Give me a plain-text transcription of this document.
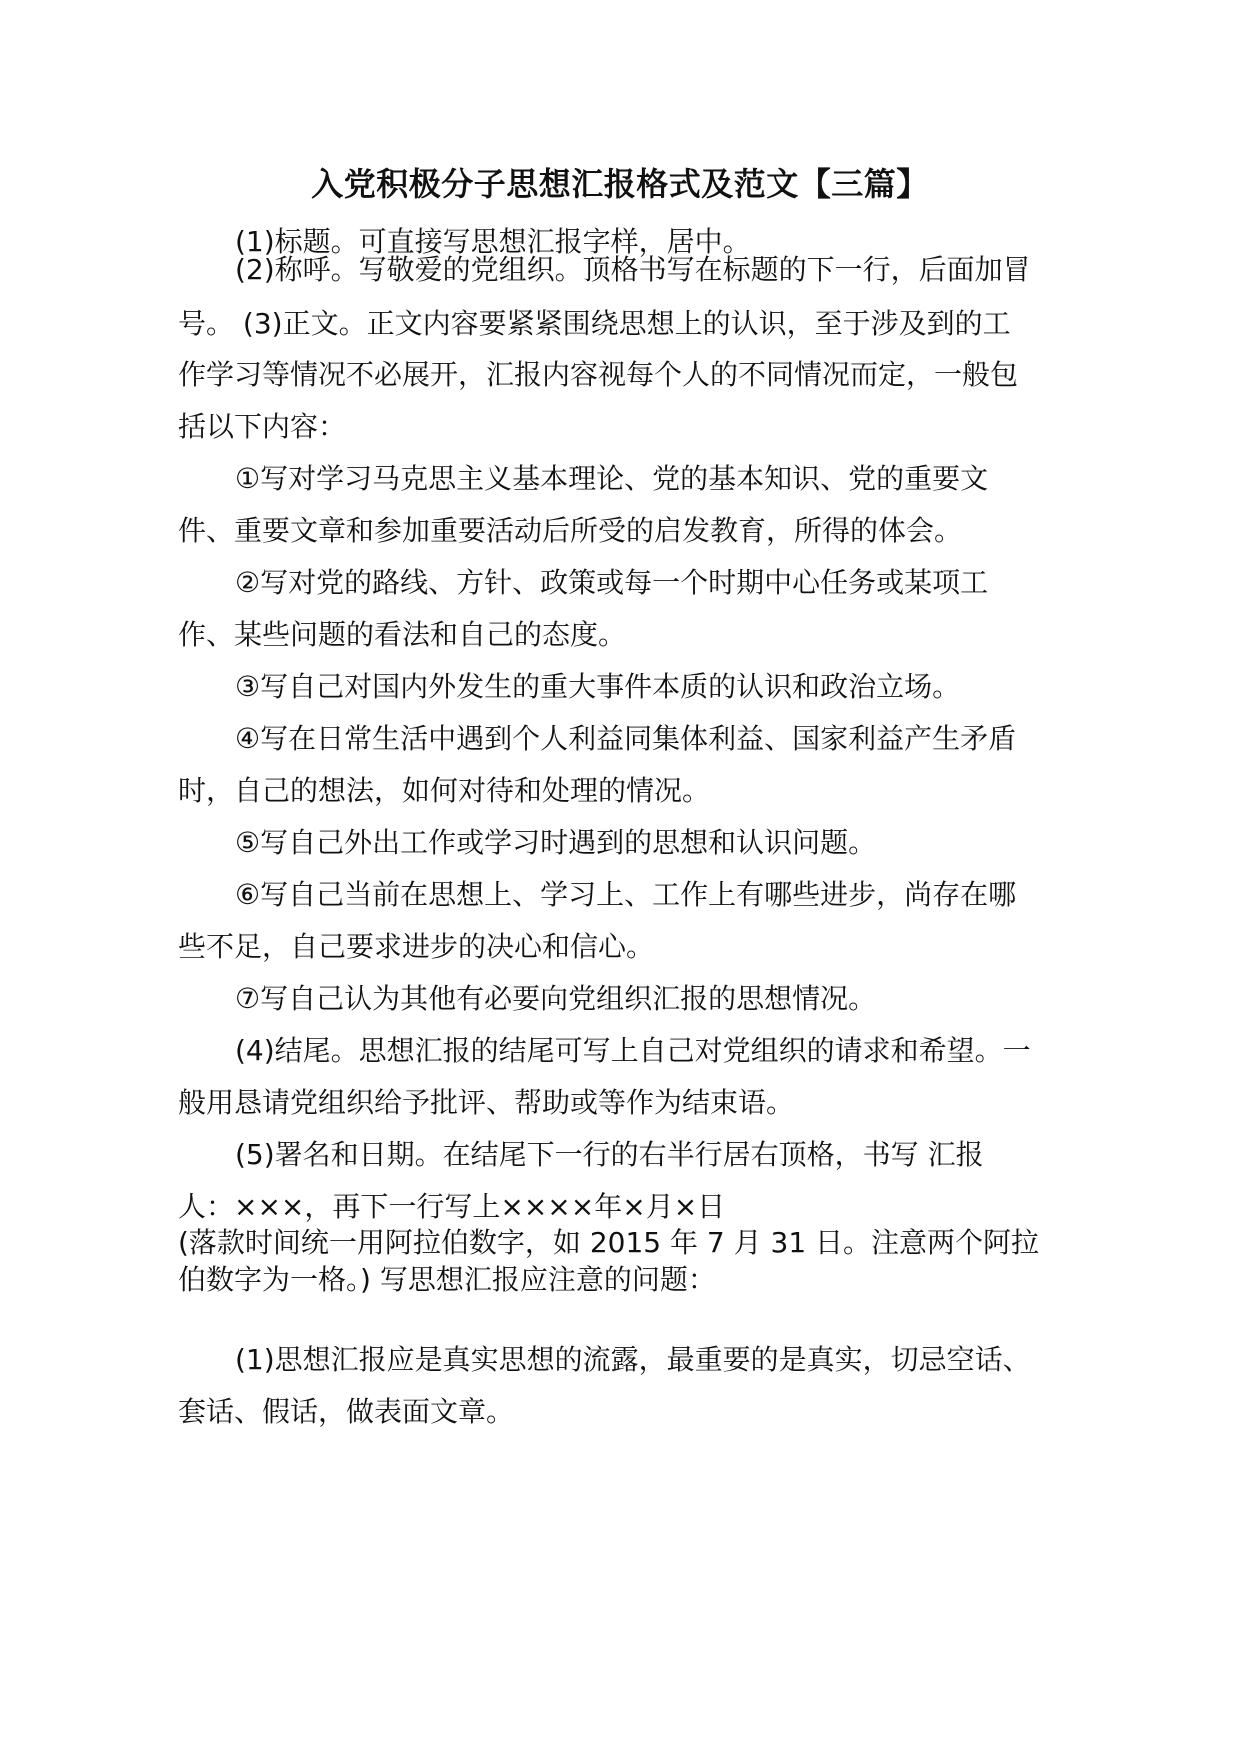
入党积极分子思想汇报格式及范文【三篇】
(1)标题。可直接写思想汇报字样，居中。
(2)称呼。写敬爱的党组织。顶格书写在标题的下一行，后面加冒
号。 (3)正文。正文内容要紧紧围绕思想上的认识，至于涉及到的工
作学习等情况不必展开，汇报内容视每个人的不同情况而定，一般包
括以下内容：
①写对学习马克思主义基本理论、党的基本知识、党的重要文
件、重要文章和参加重要活动后所受的启发教育，所得的体会。
②写对党的路线、方针、政策或每一个时期中心任务或某项工
作、某些问题的看法和自己的态度。
③写自己对国内外发生的重大事件本质的认识和政治立场。
④写在日常生活中遇到个人利益同集体利益、国家利益产生矛盾
时，自己的想法，如何对待和处理的情况。
⑤写自己外出工作或学习时遇到的思想和认识问题。
⑥写自己当前在思想上、学习上、工作上有哪些进步，尚存在哪
些不足，自己要求进步的决心和信心。
⑦写自己认为其他有必要向党组织汇报的思想情况。
(4)结尾。思想汇报的结尾可写上自己对党组织的请求和希望。一
般用恳请党组织给予批评、帮助或等作为结束语。
(5)署名和日期。在结尾下一行的右半行居右顶格，书写 汇报
人：×××，再下一行写上××××年×月×日
(落款时间统一用阿拉伯数字，如 2015 年 7 月 31 日。注意两个阿拉
伯数字为一格。) 写思想汇报应注意的问题：
(1)思想汇报应是真实思想的流露，最重要的是真实，切忌空话、
套话、假话，做表面文章。
